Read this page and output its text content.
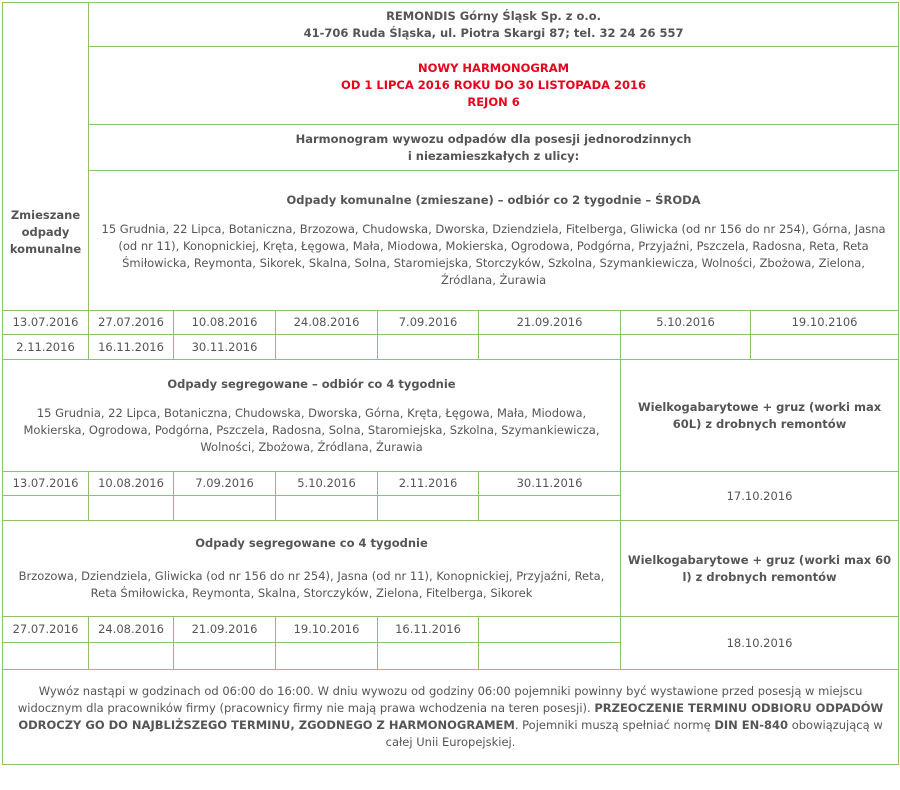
Zmieszane odpady komunalne	REMONDIS Górny Śląsk Sp. z o.o.
41-706 Ruda Śląska, ul. Piotra Skargi 87; tel. 32 24 26 557						

	NOWY HARMONOGRAM
OD 1 LIPCA 2016 ROKU DO 30 LISTOPADA 2016
REJON 6						

	Harmonogram wywozu odpadów dla posesji jednorodzinnych
i niezamieszkałych z ulicy:						

	Odpady komunalne (zmieszane) – odbiór co 2 tygodnie – ŚRODA
15 Grudnia, 22 Lipca, Botaniczna, Brzozowa, Chudowska, Dworska, Dziendziela, Fitelberga, Gliwicka (od nr 156 do nr 254), Górna, Jasna (od nr 11), Konopnickiej, Kręta, Łęgowa, Mała, Miodowa, Mokierska, Ogrodowa, Podgórna, Przyjaźni, Pszczela, Radosna, Reta, Reta Śmiłowicka, Reymonta, Sikorek, Skalna, Solna, Staromiejska, Storczyków, Szkolna, Szymankiewicza, Wolności, Zbożowa, Zielona, Źródlana, Żurawia						

13.07.2016	27.07.2016	10.08.2016	24.08.2016	7.09.2016	21.09.2016	5.10.2016	19.10.2106
2.11.2016	16.11.2016	30.11.2016					

Odpady segregowane – odbiór co 4 tygodnie
15 Grudnia, 22 Lipca, Botaniczna, Chudowska, Dworska, Górna, Kręta, Łęgowa, Mała, Miodowa, Mokierska, Ogrodowa, Podgórna, Pszczela, Radosna, Solna, Staromiejska, Szkolna, Szymankiewicza, Wolności, Zbożowa, Źródlana, Żurawia						Wielkogabarytowe + gruz (worki max 60L) z drobnych remontów	
13.07.2016	10.08.2016	7.09.2016	5.10.2016	2.11.2016	30.11.2016	17.10.2016	

Odpady segregowane co 4 tygodnie
Brzozowa, Dziendziela, Gliwicka (od nr 156 do nr 254), Jasna (od nr 11), Konopnickiej, Przyjaźni, Reta, Reta Śmiłowicka, Reymonta, Skalna, Storczyków, Zielona, Fitelberga, Sikorek						Wielkogabarytowe + gruz (worki max 60 l) z drobnych remontów	
27.07.2016	24.08.2016	21.09.2016	19.10.2016	16.11.2016		18.10.2016	

Wywóz nastąpi w godzinach od 06:00 do 16:00. W dniu wywozu od godziny 06:00 pojemniki powinny być wystawione przed posesją w miejscu widocznym dla pracowników firmy (pracownicy firmy nie mają prawa wchodzenia na teren posesji). PRZEOCZENIE TERMINU ODBIORU ODPADÓW ODROCZY GO DO NAJBLIŻSZEGO TERMINU, ZGODNEGO Z HARMONOGRAMEM. Pojemniki muszą spełniać normę DIN EN-840 obowiązującą w całej Unii Europejskiej.							
